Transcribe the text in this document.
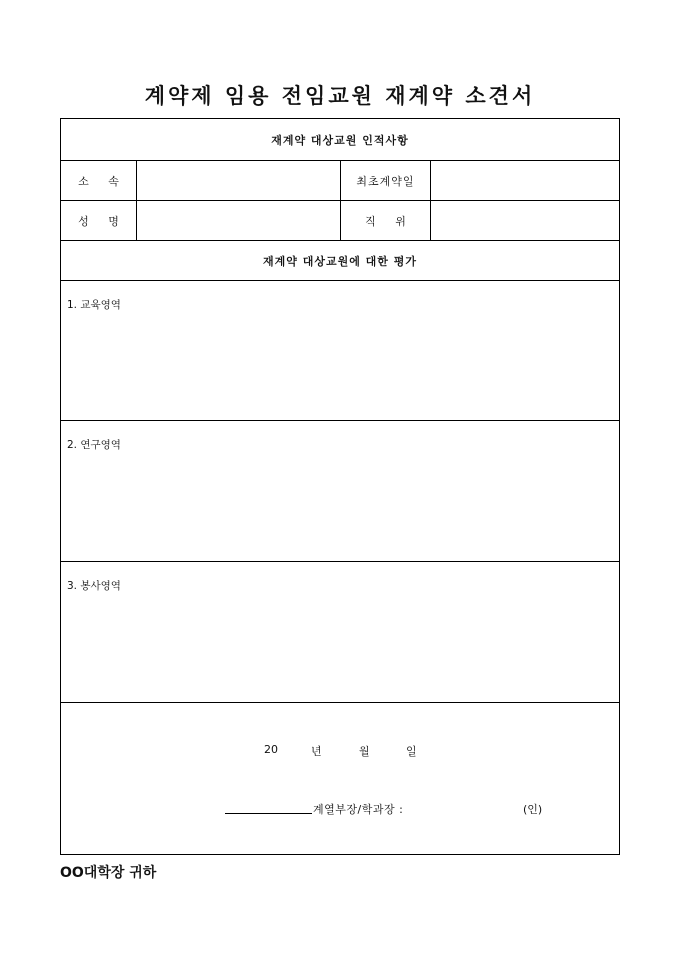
계약제 임용 전임교원 재계약 소견서
재계약 대상교원 인적사항
소 속	최초계약일
성 명	직 위
재계약 대상교원에 대한 평가
1. 교육영역
2. 연구영역
3. 봉사영역
20	년	월	일
계열부장/학과장 :	(인)
OO대학장 귀하
